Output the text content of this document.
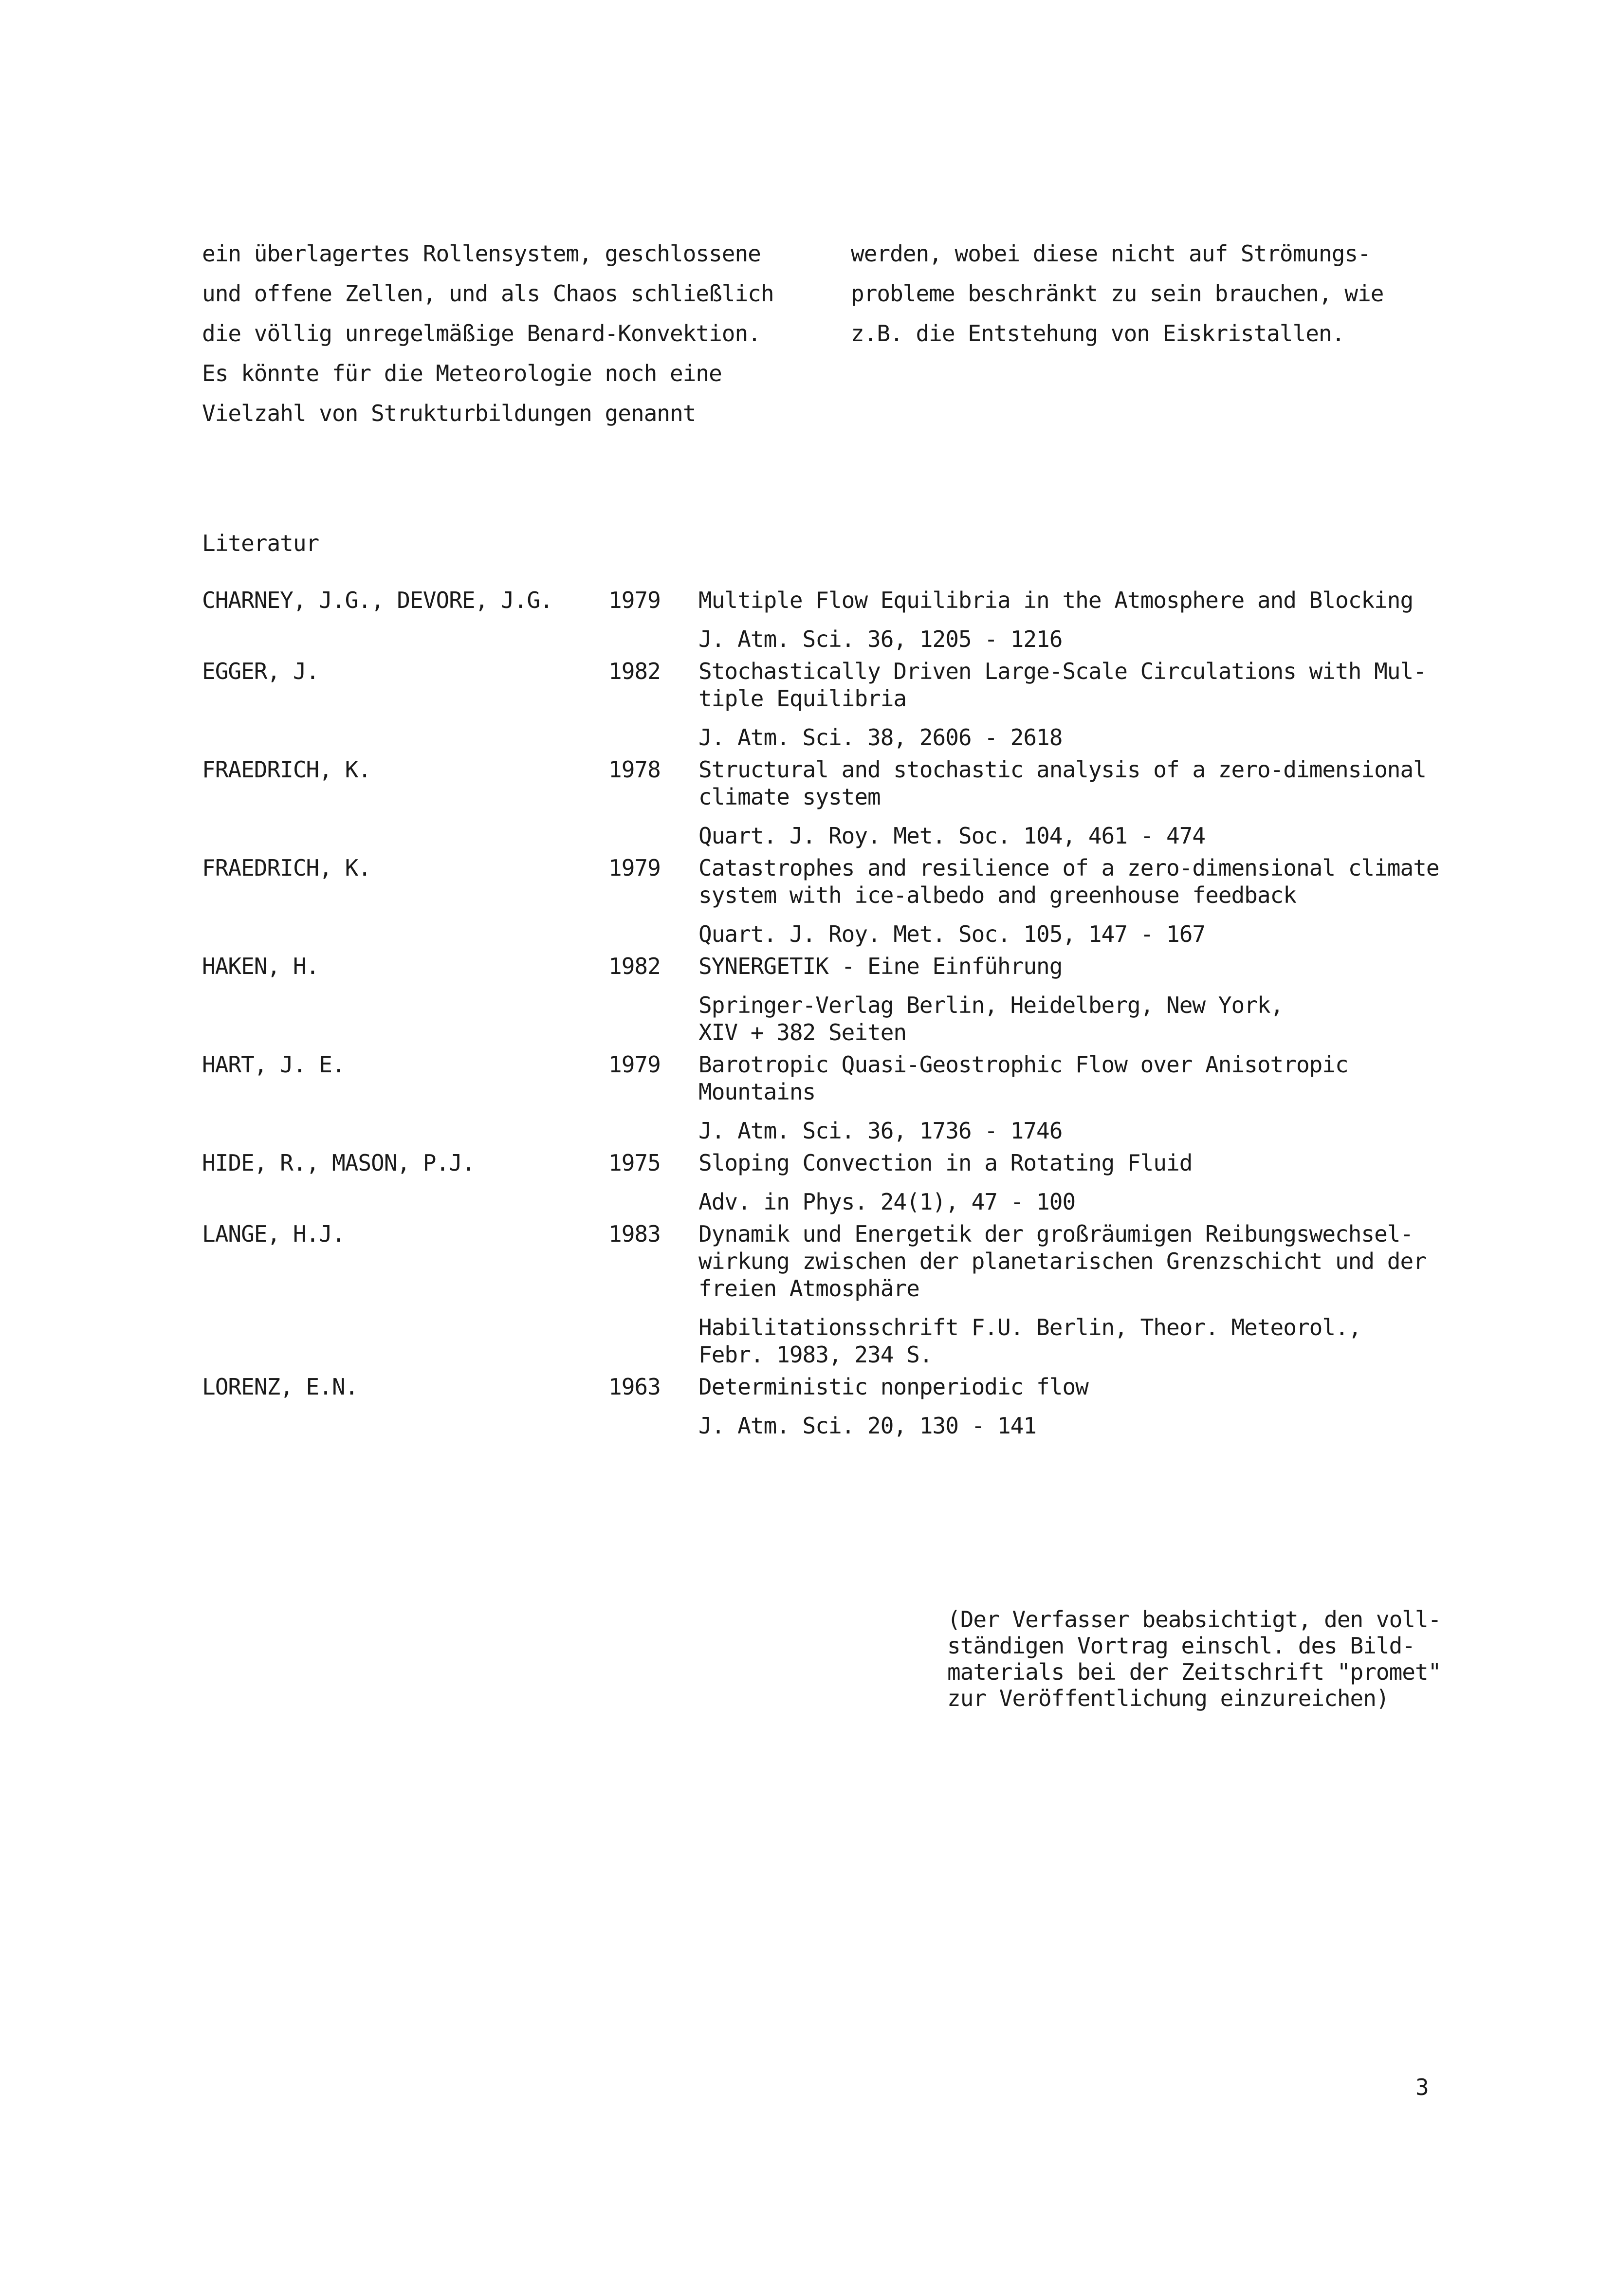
ein überlagertes Rollensystem, geschlossene
und offene Zellen, und als Chaos schließlich
die völlig unregelmäßige Benard-Konvektion.
Es könnte für die Meteorologie noch eine
Vielzahl von Strukturbildungen genannt
werden, wobei diese nicht auf Strömungs-
probleme beschränkt zu sein brauchen, wie
z.B. die Entstehung von Eiskristallen.
Literatur
CHARNEY, J.G., DEVORE, J.G. 1979 Multiple Flow Equilibria in the Atmosphere and Blocking
J. Atm. Sci. 36, 1205 - 1216
EGGER, J.	1982 Stochastically Driven Large-Scale Circulations with Mul-
tiple Equilibria
J. Atm. Sci. 38, 2606 - 2618
FRAEDRICH, K.	1978 Structural and stochastic analysis of a zero-dimensional
climate system
Quart. J. Roy. Met. Soc. 104, 461 - 474
FRAEDRICH, K.	1979 Catastrophes and resilience of a zero-dimensional climate
system with ice-albedo and greenhouse feedback
Quart. J. Roy. Met. Soc. 105, 147 - 167
HAKEN, H.	1982 SYNERGETIK - Eine Einführung
Springer-Verlag Berlin, Heidelberg, New York,
XIV + 382 Seiten
HART, J. E.	1979 Barotropic Quasi-Geostrophic Flow over Anisotropic
Mountains
J. Atm. Sci. 36, 1736 - 1746
HIDE, R., MASON, P.J.	1975 Sloping Convection in a Rotating Fluid
Adv. in Phys. 24(1), 47 - 100
LANGE, H.J.	1983 Dynamik und Energetik der großräumigen Reibungswechsel-
wirkung zwischen der planetarischen Grenzschicht und der
freien Atmosphäre
Habilitationsschrift F.U. Berlin, Theor. Meteorol.,
Febr. 1983, 234 S.
LORENZ, E.N.	1963 Deterministic nonperiodic flow
J. Atm. Sci. 20, 130 - 141
(Der Verfasser beabsichtigt, den voll-
ständigen Vortrag einschl. des Bild-
materials bei der Zeitschrift "promet"
zur Veröffentlichung einzureichen)
3
